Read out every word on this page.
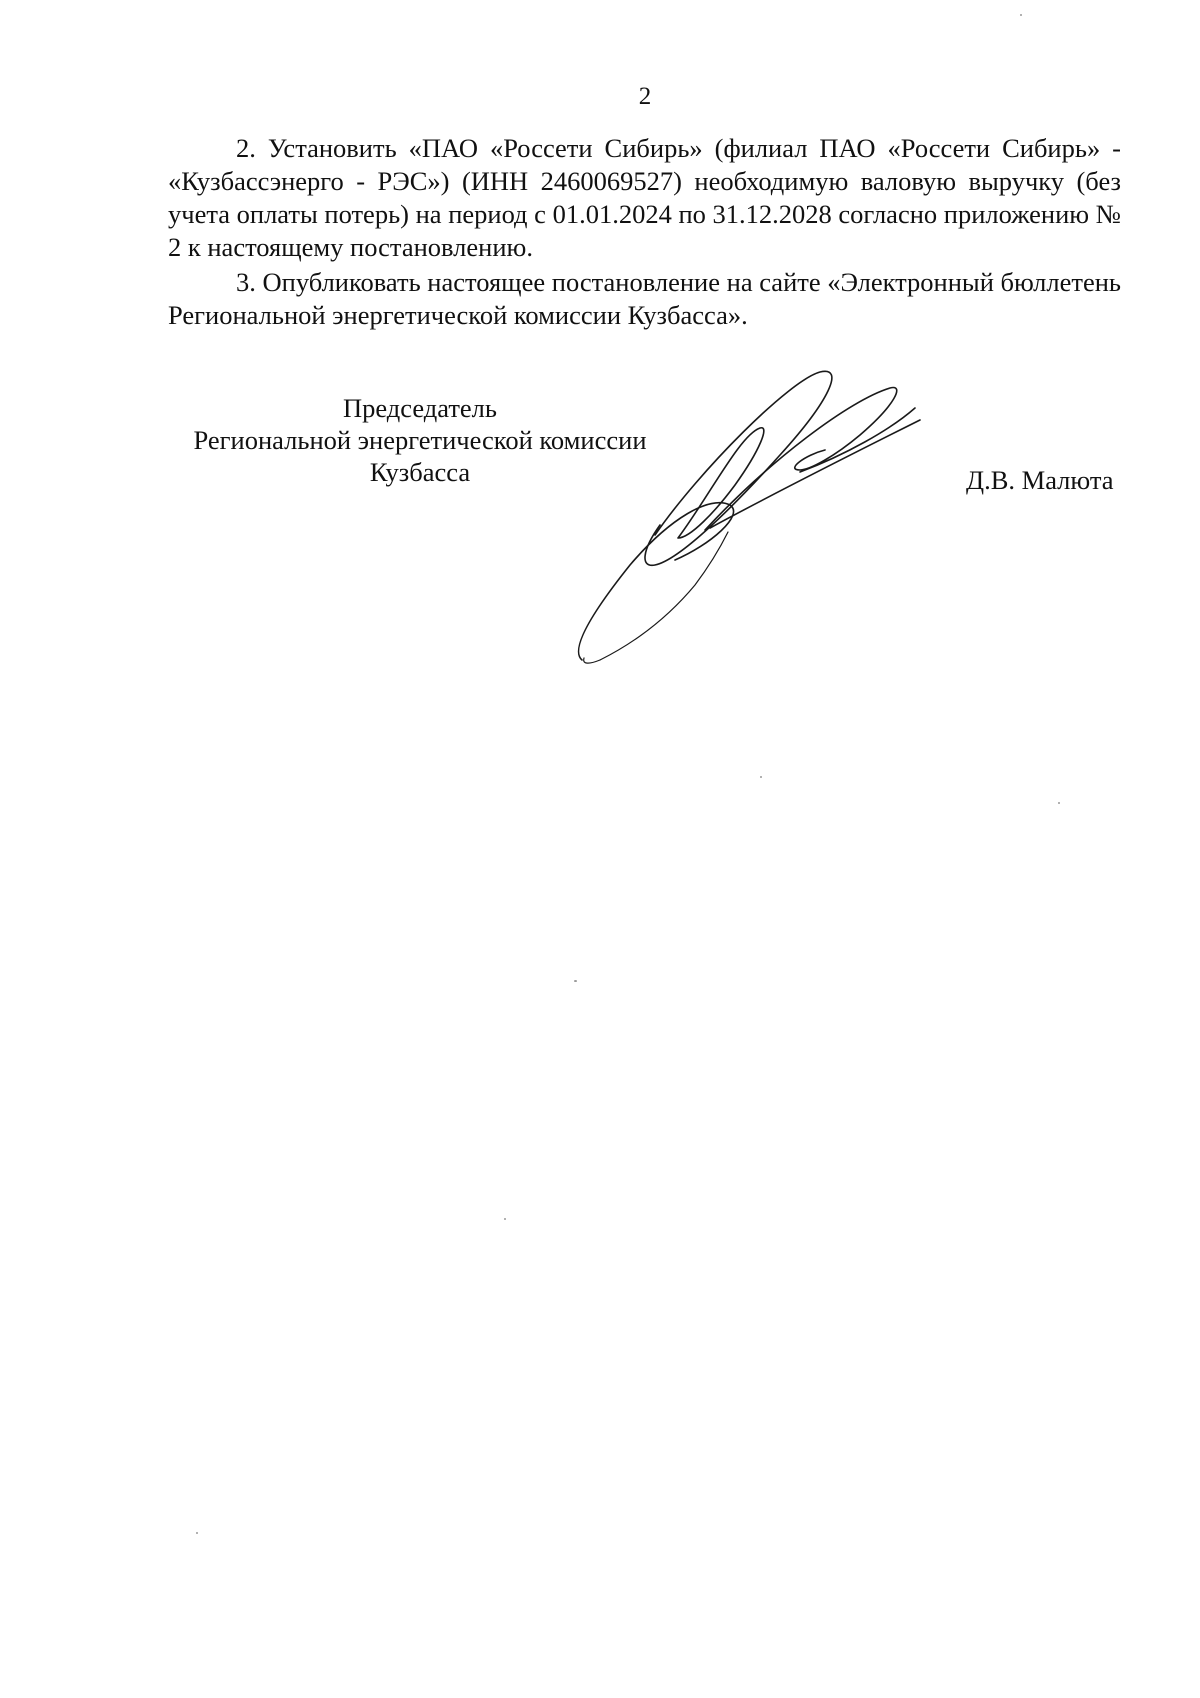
2

2. Установить «ПАО «Россети Сибирь» (филиал ПАО «Россети Сибирь» - «Кузбассэнерго - РЭС») (ИНН 2460069527) необходимую валовую выручку (без учета оплаты потерь) на период с 01.01.2024 по 31.12.2028 согласно приложению № 2 к настоящему постановлению.

3. Опубликовать настоящее постановление на сайте «Электронный бюллетень Региональной энергетической комиссии Кузбасса».

Председатель
Региональной энергетической комиссии
Кузбасса	Д.В. Малюта
